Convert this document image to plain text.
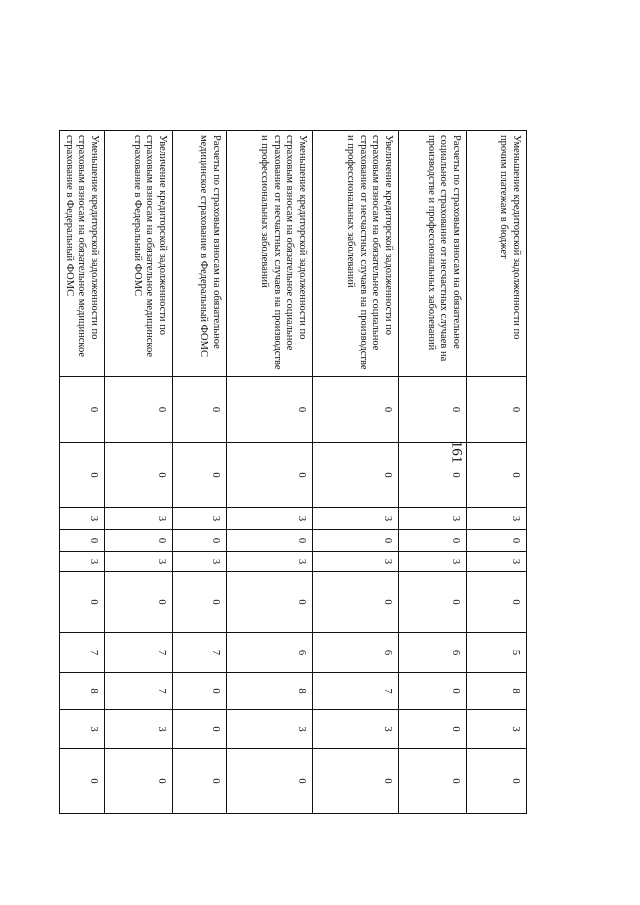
161
Уменьшение кредиторской задолженности по прочим платежам в бюджет	0	0	3	0	3	0	5	8	3	0
Расчеты по страховым взносам на обязательное социальное страхование от несчастных случаев на производстве и профессиональных заболеваний	0	0	3	0	3	0	6	0	0	0
Увеличение кредиторской задолженности по страховым взносам на обязательное социальное страхование от несчастных случаев на производстве и профессиональных заболеваний	0	0	3	0	3	0	6	7	3	0
Уменьшение кредиторской задолженности по страховым взносам на обязательное социальное страхование от несчастных случаев на производстве и профессиональных заболеваний	0	0	3	0	3	0	6	8	3	0
Расчеты по страховым взносам на обязательное медицинское страхование в Федеральный ФОМС	0	0	3	0	3	0	7	0	0	0
Увеличение кредиторской задолженности по страховым взносам на обязательное медицинское страхование в Федеральный ФОМС	0	0	3	0	3	0	7	7	3	0
Уменьшение кредиторской задолженности по страховым взносам на обязательное медицинское страхование в Федеральный ФОМС	0	0	3	0	3	0	7	8	3	0
